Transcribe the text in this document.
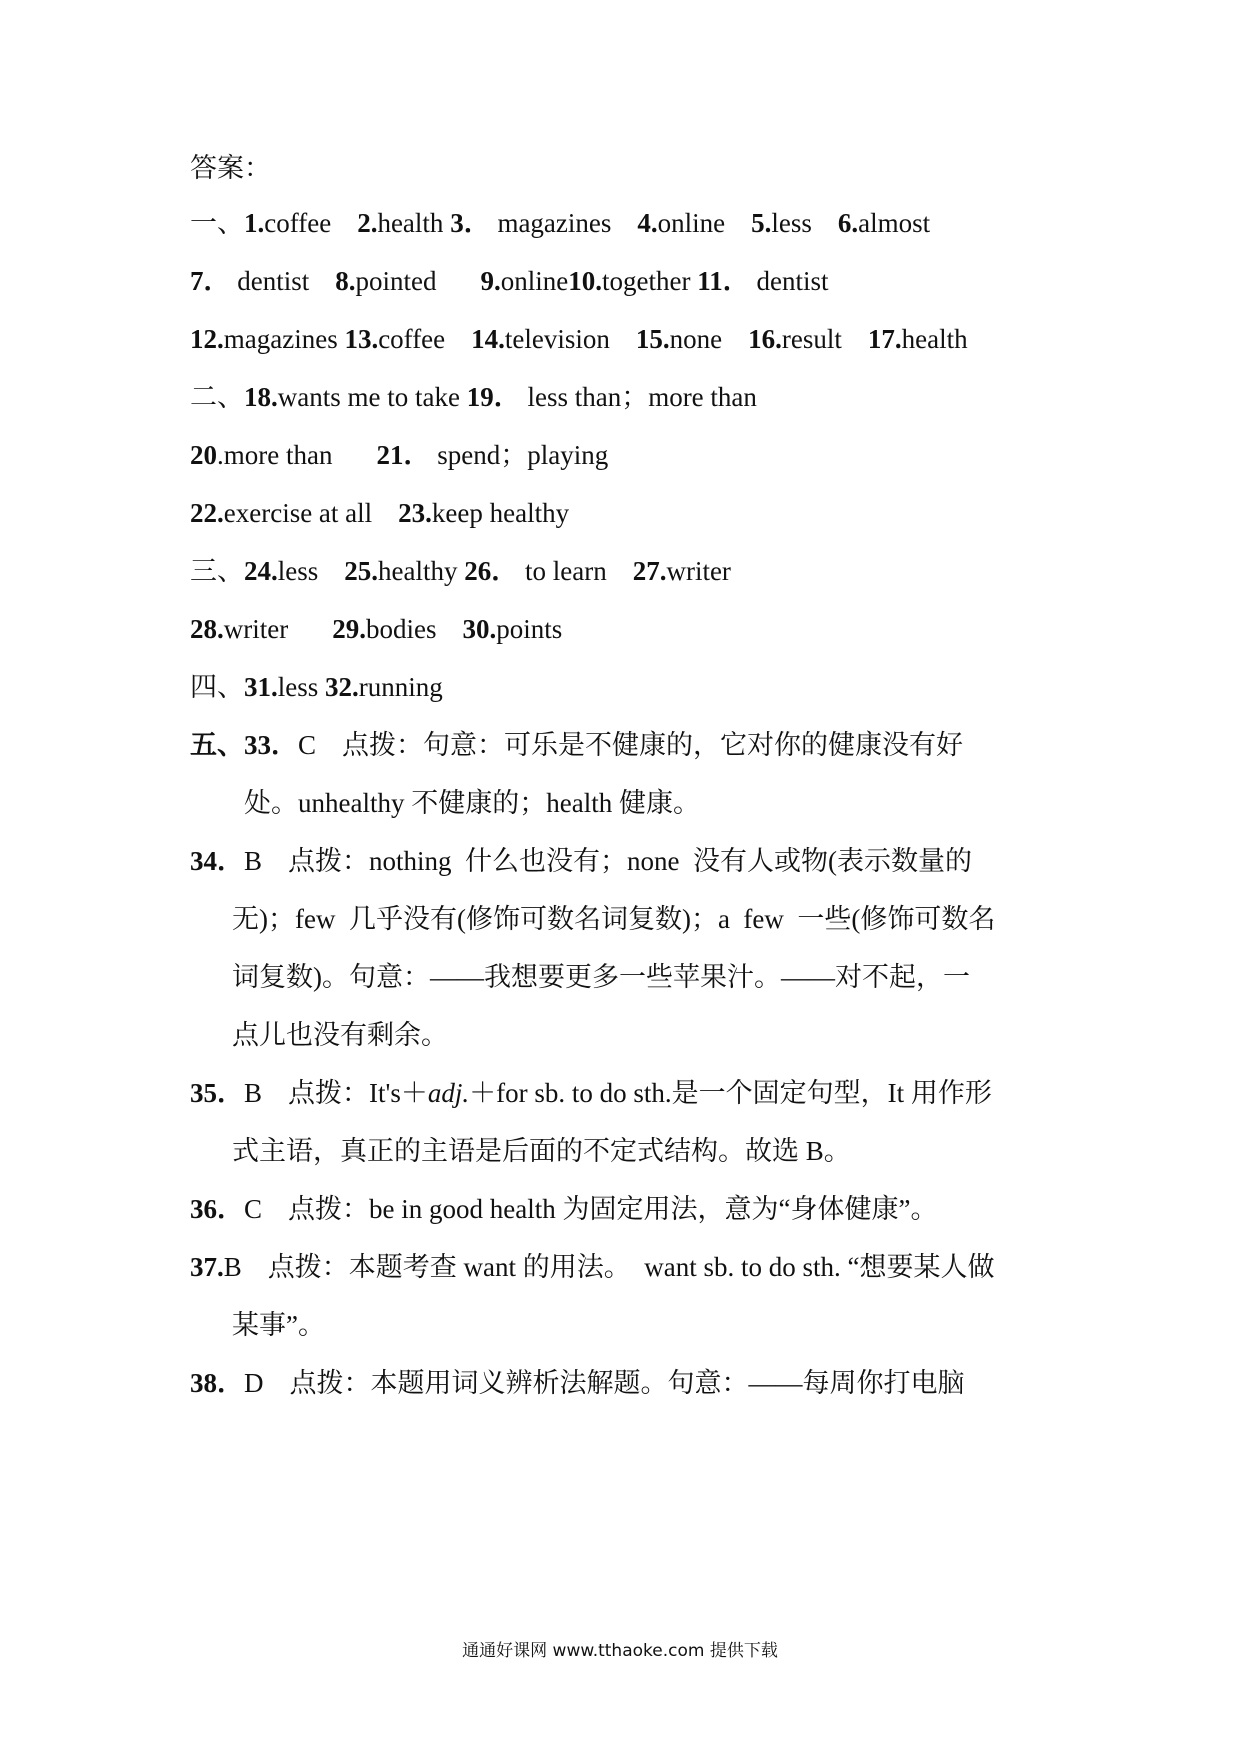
答案：
一、1.coffee 2.health 3． magazines 4.online 5.less 6.almost
7． dentist 8.pointed 9.online10.together 11． dentist
12.magazines 13.coffee 14.television 15.none 16.result 17.health
二、18.wants me to take 19． less than；more than
20.more than 21． spend；playing
22.exercise at all 23.keep healthy
三、24.less 25.healthy 26． to learn 27.writer
28.writer 29.bodies 30.points
四、31.less 32.running
五、33．C 点拨：句意：可乐是不健康的，它对你的健康没有好
处。unhealthy 不健康的；health 健康。
34．B 点拨：nothing  什么也没有；none  没有人或物(表示数量的
无)；few  几乎没有(修饰可数名词复数)；a  few  一些(修饰可数名
词复数)。句意：——我想要更多一些苹果汁。——对不起，一
点儿也没有剩余。
35．B 点拨：It's＋adj.＋for sb. to do sth.是一个固定句型，It 用作形
式主语，真正的主语是后面的不定式结构。故选 B。
36．C 点拨：be in good health 为固定用法，意为“身体健康”。
37.B 点拨：本题考查 want 的用法。  want sb. to do sth. “想要某人做
某事”。
38．D 点拨：本题用词义辨析法解题。句意：——每周你打电脑
通通好课网 www.tthaoke.com 提供下载
